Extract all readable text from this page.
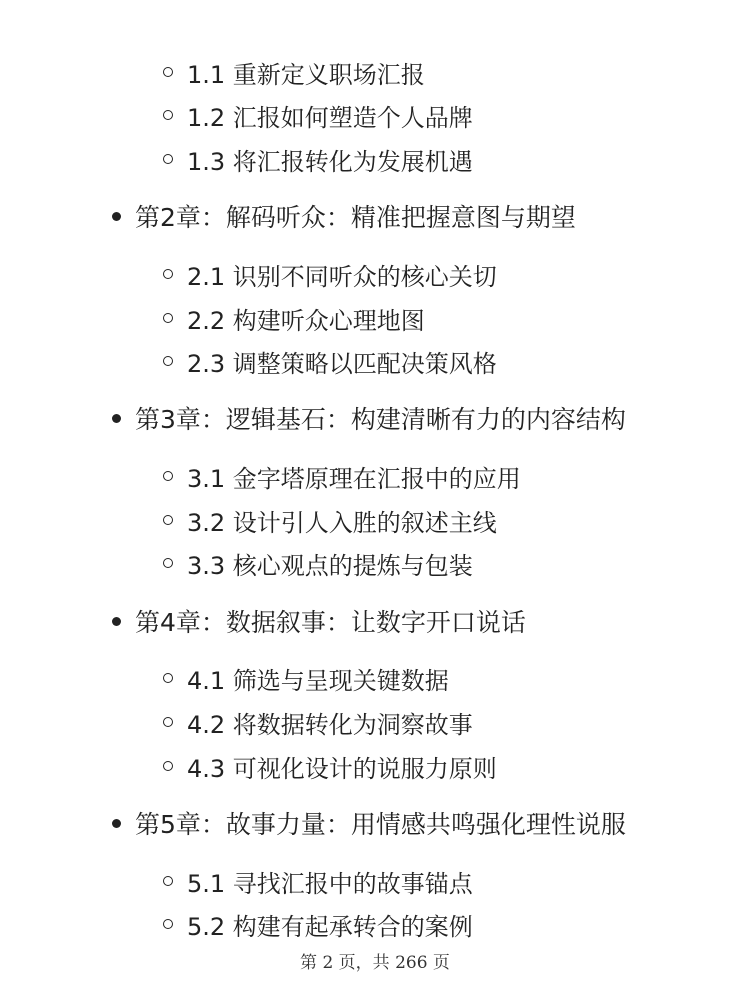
1.1 重新定义职场汇报
1.2 汇报如何塑造个人品牌
1.3 将汇报转化为发展机遇
第2章：解码听众：精准把握意图与期望
2.1 识别不同听众的核心关切
2.2 构建听众心理地图
2.3 调整策略以匹配决策风格
第3章：逻辑基石：构建清晰有力的内容结构
3.1 金字塔原理在汇报中的应用
3.2 设计引人入胜的叙述主线
3.3 核心观点的提炼与包装
第4章：数据叙事：让数字开口说话
4.1 筛选与呈现关键数据
4.2 将数据转化为洞察故事
4.3 可视化设计的说服力原则
第5章：故事力量：用情感共鸣强化理性说服
5.1 寻找汇报中的故事锚点
5.2 构建有起承转合的案例
第 2 页，共 266 页
